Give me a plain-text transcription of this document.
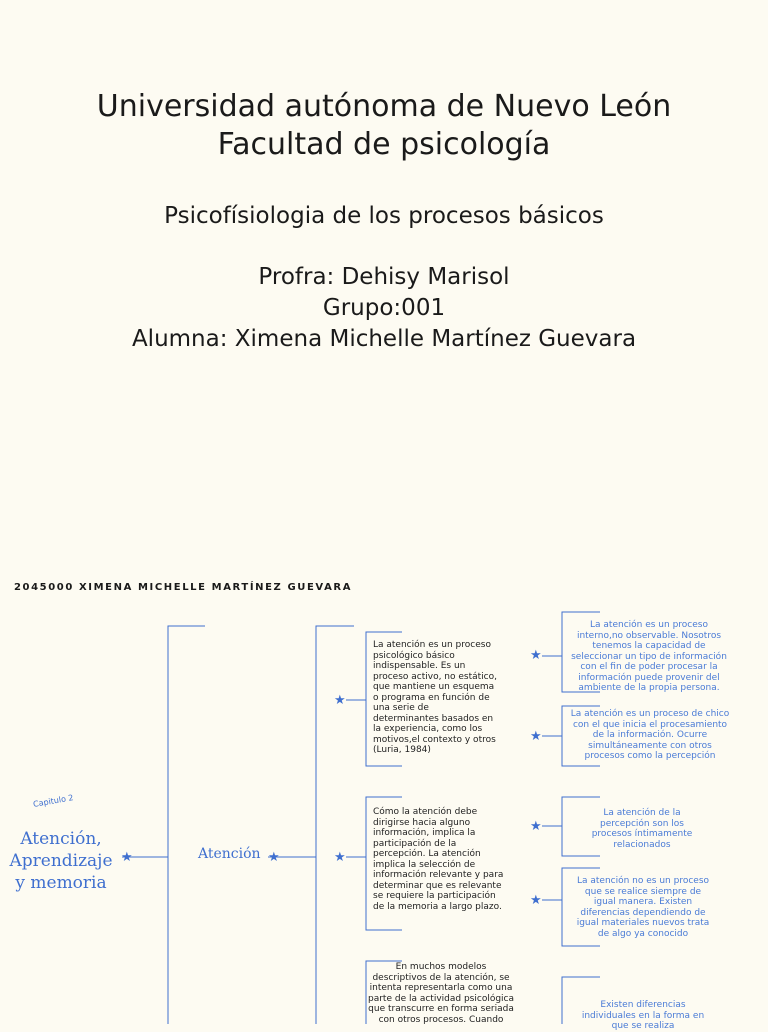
Universidad autónoma de Nuevo León
Facultad de psicología
Psicofísiologia de los procesos básicos
Profra: Dehisy Marisol
Grupo:001
Alumna: Ximena Michelle Martínez Guevara
2045000 XIMENA MICHELLE MARTÍNEZ GUEVARA
Capitulo 2
Atención,
Aprendizaje
y memoria
★	Atención ★
★
★
La atención es un proceso psicológico básico indispensable. Es un proceso activo, no estático, que mantiene un esquema o programa en función de una serie de determinantes basados en la experiencia, como los motivos,el contexto y otros (Luria, 1984)
Cómo la atención debe dirigirse hacia alguno información, implica la participación de la percepción. La atención implica la selección de información relevante y para determinar que es relevante se requiere la participación de la memoria a largo plazo.
En muchos modelos descriptivos de la atención, se intenta representarla como una parte de la actividad psicológica que transcurre en forma seriada con otros procesos. Cuando
★
★
★
★
La atención es un proceso interno,no observable. Nosotros tenemos la capacidad de seleccionar un tipo de información con el fin de poder procesar la información puede provenir del ambiente de la propia persona.
La atención es un proceso de chico con el que inicia el procesamiento de la información. Ocurre simultáneamente con otros procesos como la percepción
La atención de la percepción son los procesos íntimamente relacionados
La atención no es un proceso que se realice siempre de igual manera. Existen diferencias dependiendo de igual materiales nuevos trata de algo ya conocido
Existen diferencias individuales en la forma en que se realiza
